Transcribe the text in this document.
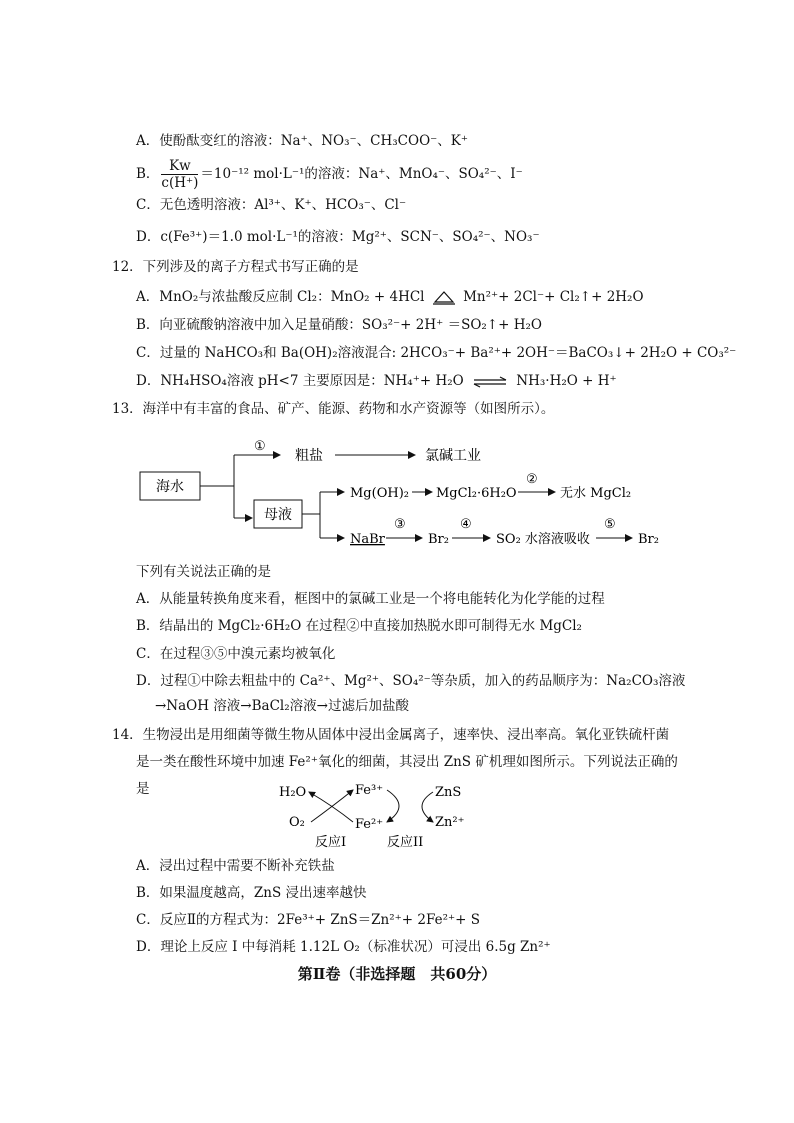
A．使酚酞变红的溶液：Na⁺、NO₃⁻、CH₃COO⁻、K⁺
B． $\frac{Kw}{c(H^+)} =10^{-12}$ mol·L⁻¹的溶液：Na⁺、MnO₄⁻、SO₄²⁻、I⁻
C．无色透明溶液：Al³⁺、K⁺、HCO₃⁻、Cl⁻
D．c(Fe³⁺)＝1.0 mol·L⁻¹的溶液：Mg²⁺、SCN⁻、SO₄²⁻、NO₃⁻
12．下列涉及的离子方程式书写正确的是
A．MnO₂与浓盐酸反应制 Cl₂：MnO₂ + 4HCl	Mn²⁺+ 2Cl⁻+ Cl₂↑+ 2H₂O
B．向亚硫酸钠溶液中加入足量硝酸：SO₃²⁻+ 2H⁺ ＝SO₂↑+ H₂O
C．过量的 NaHCO₃和 Ba(OH)₂溶液混合: 2HCO₃⁻+ Ba²⁺+ 2OH⁻＝BaCO₃↓+ 2H₂O + CO₃²⁻
D．NH₄HSO₄溶液 pH<7 主要原因是：NH₄⁺+ H₂O ⇌ NH₃·H₂O + H⁺
13．海洋中有丰富的食品、矿产、能源、药物和水产资源等（如图所示）。
海水
①
粗盐	氯碱工业
母液
Mg(OH)₂ MgCl₂·6H₂O
②
无水 MgCl₂
NaBr
③
Br₂
④
SO₂ 水溶液吸收
⑤
Br₂
下列有关说法正确的是
A．从能量转换角度来看，框图中的氯碱工业是一个将电能转化为化学能的过程
B．结晶出的 MgCl₂·6H₂O 在过程②中直接加热脱水即可制得无水 MgCl₂
C．在过程③⑤中溴元素均被氧化
D．过程①中除去粗盐中的 Ca²⁺、Mg²⁺、SO₄²⁻等杂质，加入的药品顺序为：Na₂CO₃溶液
→NaOH 溶液→BaCl₂溶液→过滤后加盐酸
14．生物浸出是用细菌等微生物从固体中浸出金属离子，速率快、浸出率高。氧化亚铁硫杆菌
是一类在酸性环境中加速 Fe²⁺氧化的细菌，其浸出 ZnS 矿机理如图所示。下列说法正确的
是	H₂O
O₂
Fe³⁺
Fe²⁺
ZnS
Zn²⁺
反应I	反应II
A．浸出过程中需要不断补充铁盐
B．如果温度越高，ZnS 浸出速率越快
C．反应Ⅱ的方程式为：2Fe³⁺+ ZnS＝Zn²⁺+ 2Fe²⁺+ S
D．理论上反应 I 中每消耗 1.12L O₂（标准状况）可浸出 6.5g Zn²⁺
第Ⅱ卷（非选择题　共60分）
